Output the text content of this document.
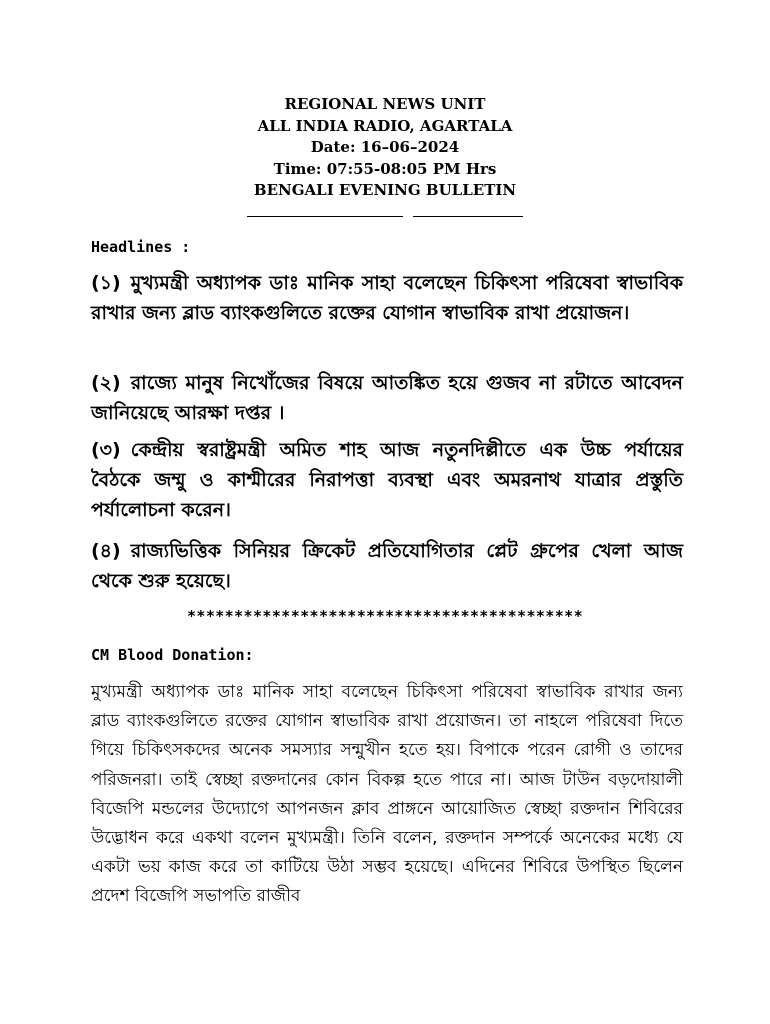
REGIONAL NEWS UNIT
ALL INDIA RADIO, AGARTALA
Date: 16–06–2024
Time: 07:55-08:05 PM Hrs
BENGALI EVENING BULLETIN
Headlines :
(১) মুখ্যমন্ত্রী অধ্যাপক ডাঃ মানিক সাহা বলেছেন চিকিৎসা পরিষেবা স্বাভাবিক রাখার জন্য ব্লাড ব্যাংকগুলিতে রক্তের যোগান স্বাভাবিক রাখা প্রয়োজন।
(২) রাজ্যে মানুষ নিখোঁজের বিষয়ে আতঙ্কিত হয়ে গুজব না রটাতে আবেদন জানিয়েছে আরক্ষা দপ্তর ।
(৩) কেন্দ্রীয় স্বরাষ্ট্রমন্ত্রী অমিত শাহ আজ নতুনদিল্লীতে এক উচ্চ পর্যায়ের বৈঠকে জম্মু ও কাশ্মীরের নিরাপত্তা ব্যবস্থা এবং অমরনাথ যাত্রার প্রস্তুতি পর্যালোচনা করেন।
(৪) রাজ্যভিত্তিক সিনিয়র ক্রিকেট প্রতিযোগিতার প্লেট গ্রুপের খেলা আজ থেকে শুরু হয়েছে।
******************************************
CM Blood Donation:
মুখ্যমন্ত্রী অধ্যাপক ডাঃ মানিক সাহা বলেছেন চিকিৎসা পরিষেবা স্বাভাবিক রাখার জন্য ব্লাড ব্যাংকগুলিতে রক্তের যোগান স্বাভাবিক রাখা প্রয়োজন। তা নাহলে পরিষেবা দিতে গিয়ে চিকিৎসকদের অনেক সমস্যার সন্মুখীন হতে হয়। বিপাকে পরেন রোগী ও তাদের পরিজনরা। তাই স্বেচ্ছা রক্তদানের কোন বিকল্প হতে পারে না। আজ টাউন বড়দোয়ালী বিজেপি মন্ডলের উদ্যোগে আপনজন ক্লাব প্রাঙ্গনে আয়োজিত স্বেচ্ছা রক্তদান শিবিরের উদ্ভোধন করে একথা বলেন মুখ্যমন্ত্রী। তিনি বলেন, রক্তদান সম্পর্কে অনেকের মধ্যে যে একটা ভয় কাজ করে তা কাটিয়ে উঠা সম্ভব হয়েছে। এদিনের শিবিরে উপস্থিত ছিলেন প্রদেশ বিজেপি সভাপতি রাজীব
